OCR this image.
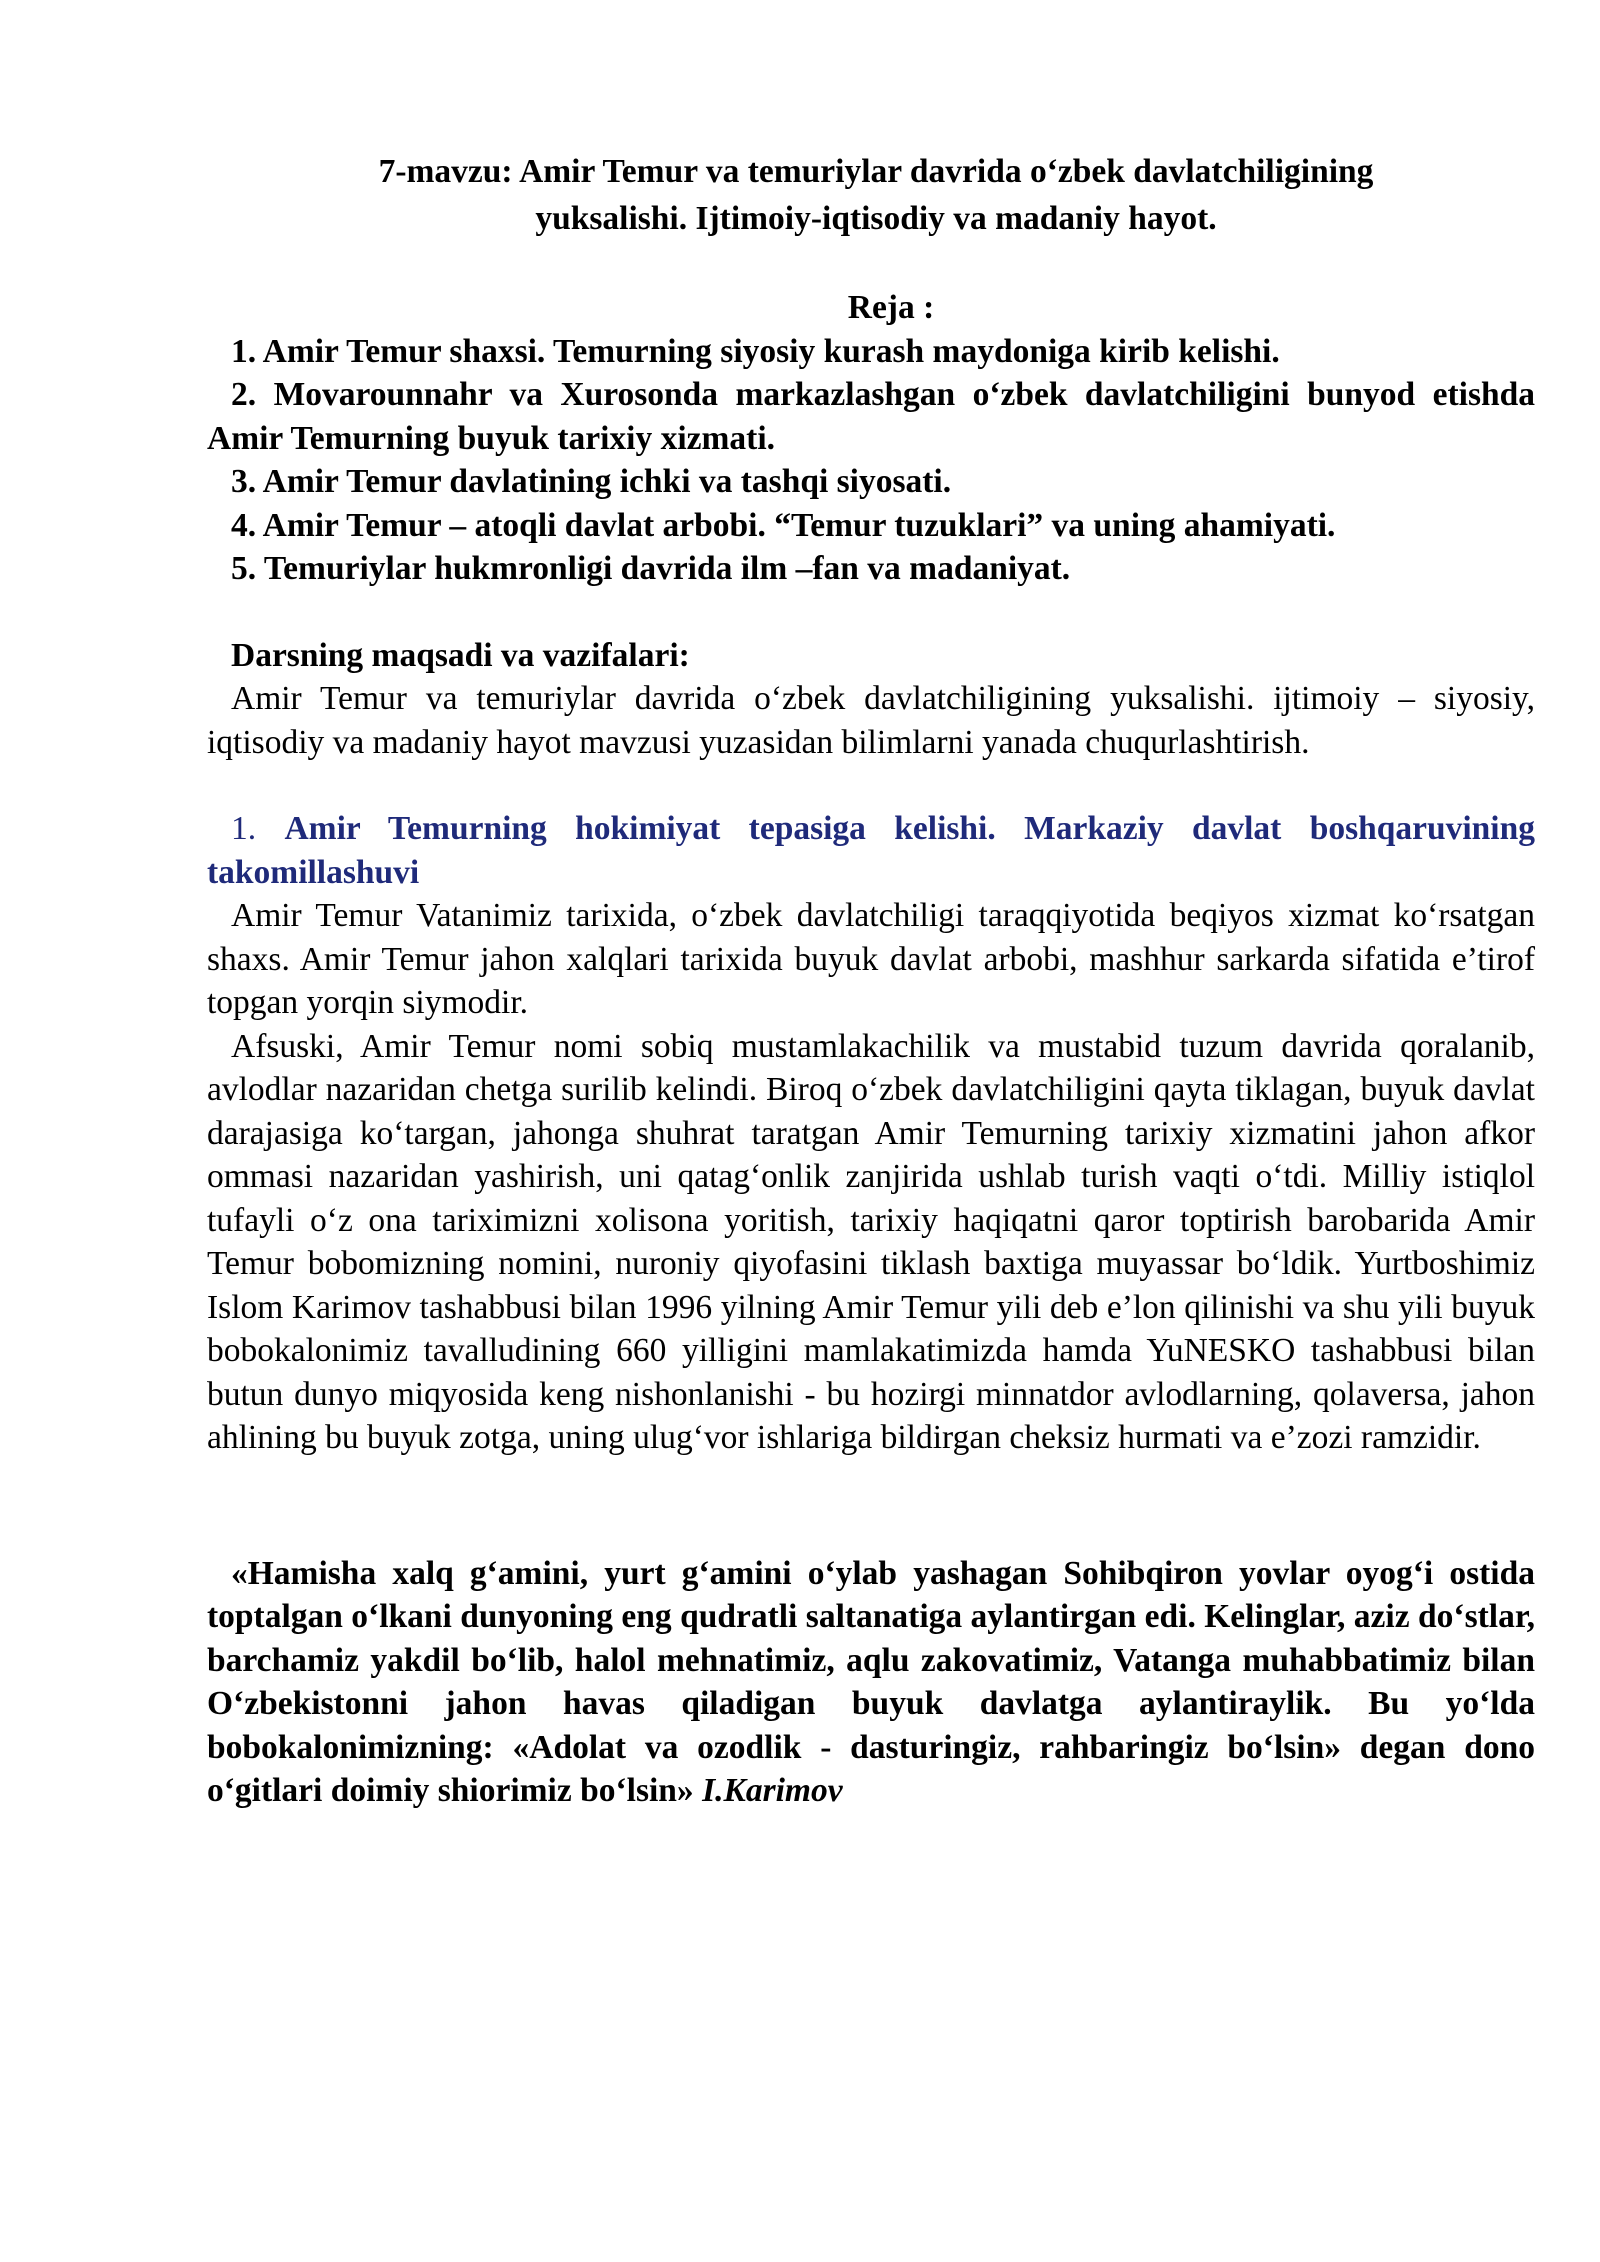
7-mavzu: Amir Temur va temuriylar davrida o‘zbek davlatchiligining
yuksalishi. Ijtimoiy-iqtisodiy va madaniy hayot.
Reja :
1. Amir Temur shaxsi. Temurning siyosiy kurash maydoniga kirib kelishi.
2. Movarounnahr va Xurosonda markazlashgan o‘zbek davlatchiligini bunyod etishda Amir Temurning buyuk tarixiy xizmati.
3. Amir Temur davlatining ichki va tashqi siyosati.
4. Amir Temur – atoqli davlat arbobi. “Temur tuzuklari” va uning ahamiyati.
5. Temuriylar hukmronligi davrida ilm –fan va madaniyat.
Darsning maqsadi va vazifalari:

Amir Temur va temuriylar davrida o‘zbek davlatchiligining yuksalishi. ijtimoiy – siyosiy, iqtisodiy va madaniy hayot mavzusi yuzasidan bilimlarni yanada chuqurlashtirish.

1. Amir Temurning hokimiyat tepasiga kelishi. Markaziy davlat boshqaruvining takomillashuvi

Amir Temur Vatanimiz tarixida, o‘zbek davlatchiligi taraqqiyotida beqiyos xizmat ko‘rsatgan shaxs. Amir Temur jahon xalqlari tarixida buyuk davlat arbobi, mashhur sarkarda sifatida e’tirof topgan yorqin siymodir.

Afsuski, Amir Temur nomi sobiq mustamlakachilik va mustabid tuzum davrida qoralanib, avlodlar nazaridan chetga surilib kelindi. Biroq o‘zbek davlatchiligini qayta tiklagan, buyuk davlat darajasiga ko‘targan, jahonga shuhrat taratgan Amir Temurning tarixiy xizmatini jahon afkor ommasi nazaridan yashirish, uni qatag‘onlik zanjirida ushlab turish vaqti o‘tdi. Milliy istiqlol tufayli o‘z ona tariximizni xolisona yoritish, tarixiy haqiqatni qaror toptirish barobarida Amir Temur bobomizning nomini, nuroniy qiyofasini tiklash baxtiga muyassar bo‘ldik. Yurtboshimiz Islom Karimov tashabbusi bilan 1996 yilning Amir Temur yili deb e’lon qilinishi va shu yili buyuk bobokalonimiz tavalludining 660 yilligini mamlakatimizda hamda YuNESKO tashabbusi bilan butun dunyo miqyosida keng nishonlanishi - bu hozirgi minnatdor avlodlarning, qolaversa, jahon ahlining bu buyuk zotga, uning ulug‘vor ishlariga bildirgan cheksiz hurmati va e’zozi ramzidir.

«Hamisha xalq g‘amini, yurt g‘amini o‘ylab yashagan Sohibqiron yovlar oyog‘i ostida toptalgan o‘lkani dunyoning eng qudratli saltanatiga aylantirgan edi. Kelinglar, aziz do‘stlar, barchamiz yakdil bo‘lib, halol mehnatimiz, aqlu zakovatimiz, Vatanga muhabbatimiz bilan O‘zbekistonni jahon havas qiladigan buyuk davlatga aylantiraylik. Bu yo‘lda bobokalonimizning: «Adolat va ozodlik - dasturingiz, rahbaringiz bo‘lsin» degan dono o‘gitlari doimiy shiorimiz bo‘lsin» I.Karimov
